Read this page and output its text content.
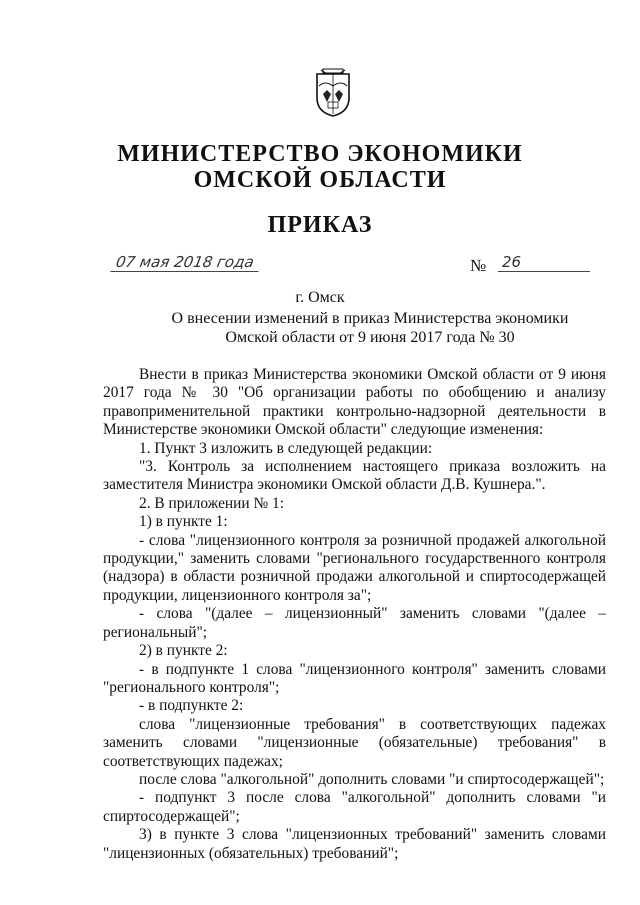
МИНИСТЕРСТВО ЭКОНОМИКИ
ОМСКОЙ ОБЛАСТИ
ПРИКАЗ
07 мая 2018 года	№ 26
г. Омск
О внесении изменений в приказ Министерства экономики
Омской области от 9 июня 2017 года № 30

Внести в приказ Министерства экономики Омской области от 9 июня 2017 года № 30 "Об организации работы по обобщению и анализу правоприменительной практики контрольно-надзорной деятельности в Министерстве экономики Омской области" следующие изменения:

1. Пункт 3 изложить в следующей редакции:

"3. Контроль за исполнением настоящего приказа возложить на заместителя Министра экономики Омской области Д.В. Кушнера.".

2. В приложении № 1:

1) в пункте 1:

- слова "лицензионного контроля за розничной продажей алкогольной продукции," заменить словами "регионального государственного контроля (надзора) в области розничной продажи алкогольной и спиртосодержащей продукции, лицензионного контроля за";

- слова "(далее – лицензионный" заменить словами "(далее – региональный";

2) в пункте 2:

- в подпункте 1 слова "лицензионного контроля" заменить словами "регионального контроля";

- в подпункте 2:

слова "лицензионные требования" в соответствующих падежах заменить словами "лицензионные (обязательные) требования" в соответствующих падежах;

после слова "алкогольной" дополнить словами "и спиртосодержащей";

- подпункт 3 после слова "алкогольной" дополнить словами "и спиртосодержащей";

3) в пункте 3 слова "лицензионных требований" заменить словами "лицензионных (обязательных) требований";
